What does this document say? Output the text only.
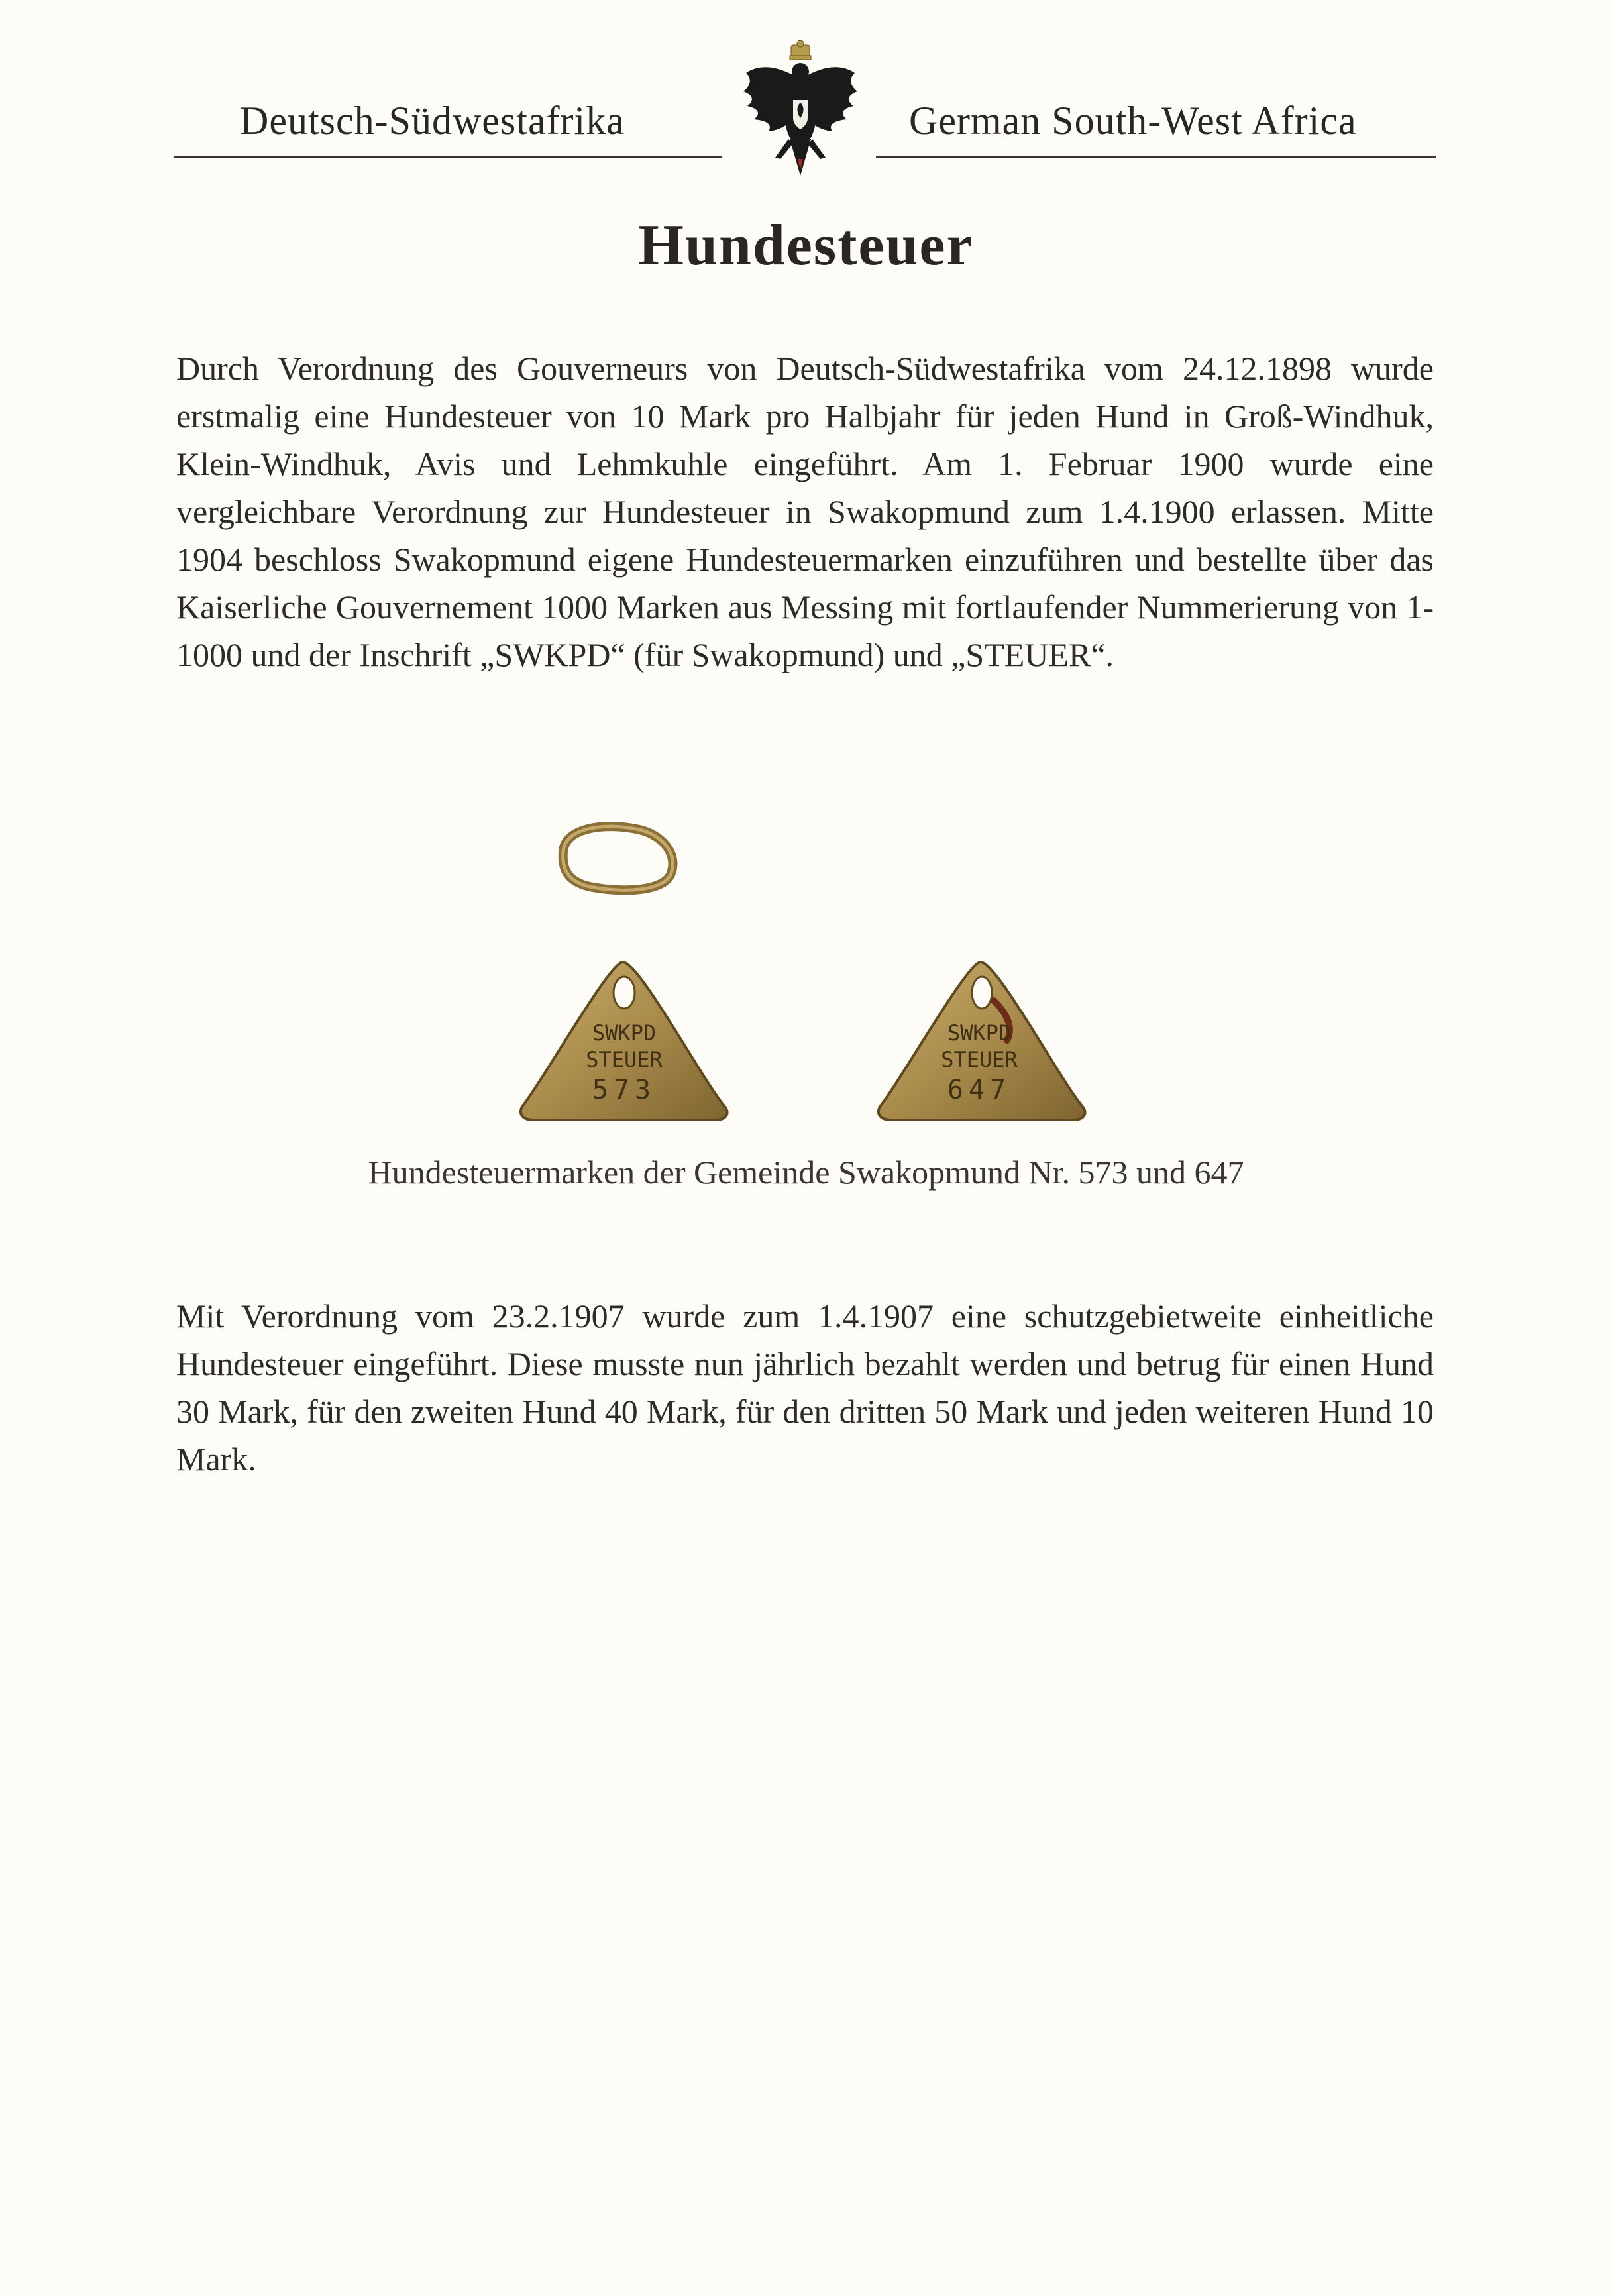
Deutsch-Südwestafrika	German South-West Africa
Hundesteuer
Durch Verordnung des Gouverneurs von Deutsch-Südwestafrika vom 24.12.1898 wurde erstmalig eine Hundesteuer von 10 Mark pro Halbjahr für jeden Hund in Groß-Windhuk, Klein-Windhuk, Avis und Lehmkuhle eingeführt. Am 1. Februar 1900 wurde eine vergleichbare Verordnung zur Hundesteuer in Swakopmund zum 1.4.1900 erlassen. Mitte 1904 beschloss Swakopmund eigene Hundesteuermarken einzuführen und bestellte über das Kaiserliche Gouvernement 1000 Marken aus Messing mit fortlaufender Nummerierung von 1-1000 und der Inschrift „SWKPD“ (für Swakopmund) und „STEUER“.
SWKPD
STEUER
573
SWKPD
STEUER
647
Hundesteuermarken der Gemeinde Swakopmund Nr. 573 und 647
Mit Verordnung vom 23.2.1907 wurde zum 1.4.1907 eine schutzgebietweite einheitliche Hundesteuer eingeführt. Diese musste nun jährlich bezahlt werden und betrug für einen Hund 30 Mark, für den zweiten Hund 40 Mark, für den dritten 50 Mark und jeden weiteren Hund 10 Mark.
